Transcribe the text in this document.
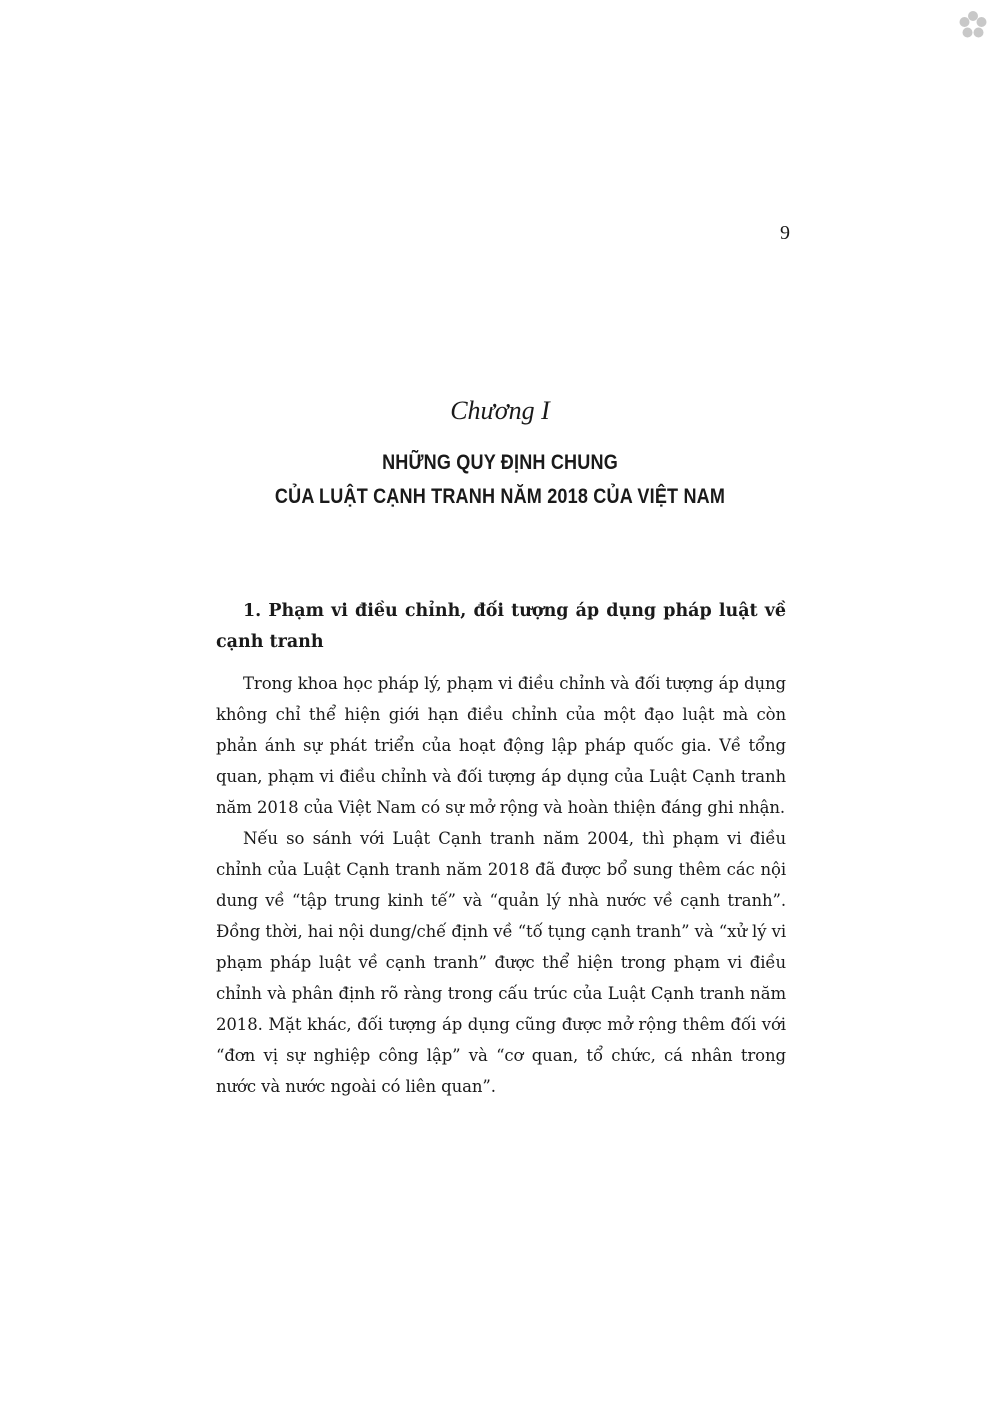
9
Chương I
NHỮNG QUY ĐỊNH CHUNG
CỦA LUẬT CẠNH TRANH NĂM 2018 CỦA VIỆT NAM
1. Phạm vi điều chỉnh, đối tượng áp dụng pháp luật về cạnh tranh

Trong khoa học pháp lý, phạm vi điều chỉnh và đối tượng áp dụng không chỉ thể hiện giới hạn điều chỉnh của một đạo luật mà còn phản ánh sự phát triển của hoạt động lập pháp quốc gia. Về tổng quan, phạm vi điều chỉnh và đối tượng áp dụng của Luật Cạnh tranh năm 2018 của Việt Nam có sự mở rộng và hoàn thiện đáng ghi nhận.

Nếu so sánh với Luật Cạnh tranh năm 2004, thì phạm vi điều chỉnh của Luật Cạnh tranh năm 2018 đã được bổ sung thêm các nội dung về “tập trung kinh tế” và “quản lý nhà nước về cạnh tranh”. Đồng thời, hai nội dung/chế định về “tố tụng cạnh tranh” và “xử lý vi phạm pháp luật về cạnh tranh” được thể hiện trong phạm vi điều chỉnh và phân định rõ ràng trong cấu trúc của Luật Cạnh tranh năm 2018. Mặt khác, đối tượng áp dụng cũng được mở rộng thêm đối với “đơn vị sự nghiệp công lập” và “cơ quan, tổ chức, cá nhân trong nước và nước ngoài có liên quan”.
